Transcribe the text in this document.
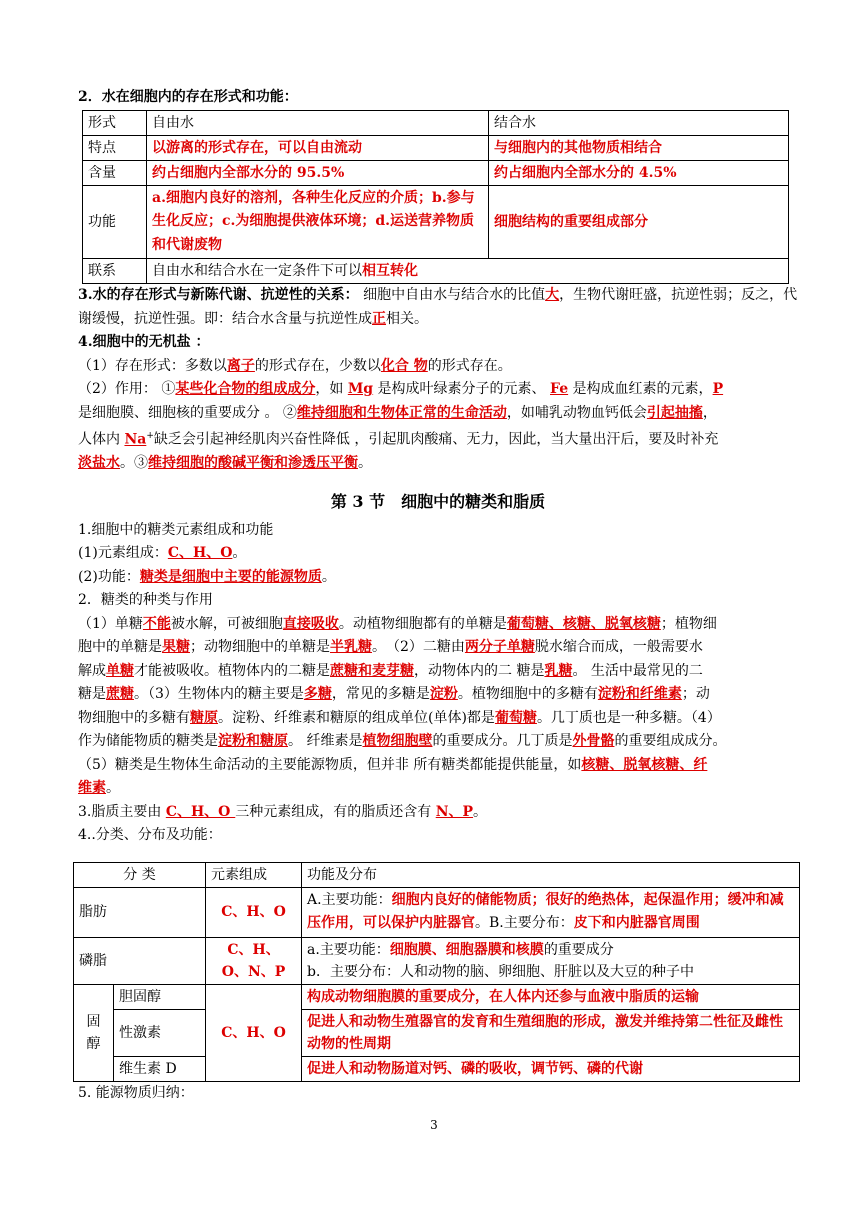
2．水在细胞内的存在形式和功能：

形式	自由水	结合水
特点	以游离的形式存在，可以自由流动	与细胞内的其他物质相结合
含量	约占细胞内全部水分的 95.5%	约占细胞内全部水分的 4.5%
功能	a.细胞内良好的溶剂，各种生化反应的介质；b.参与生化反应；c.为细胞提供液体环境；d.运送营养物质和代谢废物	细胞结构的重要组成部分
联系	自由水和结合水在一定条件下可以相互转化	

3.水的存在形式与新陈代谢、抗逆性的关系： 细胞中自由水与结合水的比值大，生物代谢旺盛，抗逆性弱；反之，代谢缓慢，抗逆性强。即：结合水含量与抗逆性成正相关。

4.细胞中的无机盐 ：

（1）存在形式：多数以离子的形式存在，少数以化合 物的形式存在。

（2）作用： ①某些化合物的组成成分，如 Mg 是构成叶绿素分子的元素、 Fe 是构成血红素的元素，P

是细胞膜、细胞核的重要成分 。 ②维持细胞和生物体正常的生命活动，如哺乳动物血钙低会引起抽搐，

人体内 Na+缺乏会引起神经肌肉兴奋性降低 ，引起肌肉酸痛、无力，因此，当大量出汗后，要及时补充

淡盐水。③维持细胞的酸碱平衡和渗透压平衡。

第 3 节　细胞中的糖类和脂质

1.细胞中的糖类元素组成和功能

(1)元素组成：C、H、O。

(2)功能：糖类是细胞中主要的能源物质。

2．糖类的种类与作用

（1）单糖不能被水解，可被细胞直接吸收。动植物细胞都有的单糖是葡萄糖、核糖、脱氧核糖；植物细

胞中的单糖是果糖；动物细胞中的单糖是半乳糖。　（2）二糖由两分子单糖脱水缩合而成，一般需要水

解成单糖才能被吸收。植物体内的二糖是蔗糖和麦芽糖，动物体内的二 糖是乳糖。 生活中最常见的二

糖是蔗糖。（3）生物体内的糖主要是多糖，常见的多糖是淀粉。植物细胞中的多糖有淀粉和纤维素；动

物细胞中的多糖有糖原。淀粉、纤维素和糖原的组成单位(单体)都是葡萄糖。几丁质也是一种多糖。（4）

作为储能物质的糖类是淀粉和糖原。 纤维素是植物细胞壁的重要成分。几丁质是外骨骼的重要组成成分。

（5）糖类是生物体生命活动的主要能源物质，但并非 所有糖类都能提供能量，如核糖、脱氧核糖、纤

维素。

3.脂质主要由 C、H、O 三种元素组成，有的脂质还含有 N、P。

4..分类、分布及功能：

分 类		元素组成	功能及分布
脂肪		C、H、O	A.主要功能：细胞内良好的储能物质；很好的绝热体，起保温作用；缓冲和减压作用，可以保护内脏器官。B.主要分布：皮下和内脏器官周围
磷脂		C、H、O、N、P	a.主要功能：细胞膜、细胞器膜和核膜的重要成分
b．主要分布：人和动物的脑、卵细胞、肝脏以及大豆的种子中

固醇	胆固醇	C、H、O	构成动物细胞膜的重要成分，在人体内还参与血液中脂质的运输
	性激素		促进人和动物生殖器官的发育和生殖细胞的形成，激发并维持第二性征及雌性动物的性周期
	维生素 D		促进人和动物肠道对钙、磷的吸收，调节钙、磷的代谢

5. 能源物质归纳：

3
